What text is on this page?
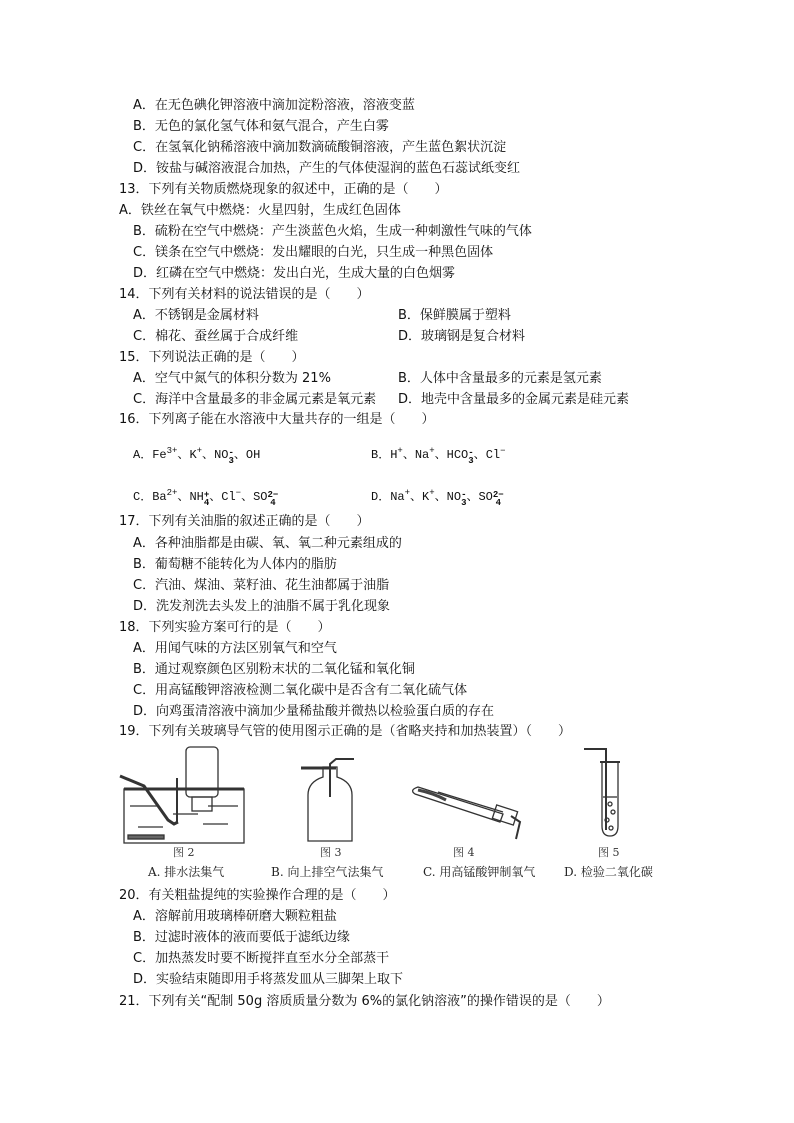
A．在无色碘化钾溶液中滴加淀粉溶液，溶液变蓝
B．无色的氯化氢气体和氨气混合，产生白雾
C．在氢氧化钠稀溶液中滴加数滴硫酸铜溶液，产生蓝色絮状沉淀
D．铵盐与碱溶液混合加热，产生的气体使湿润的蓝色石蕊试纸变红
13．下列有关物质燃烧现象的叙述中，正确的是（　　）
A．铁丝在氧气中燃烧：火星四射，生成红色固体
B．硫粉在空气中燃烧：产生淡蓝色火焰，生成一种刺激性气味的气体
C．镁条在空气中燃烧：发出耀眼的白光，只生成一种黑色固体
D．红磷在空气中燃烧：发出白光，生成大量的白色烟雾
14．下列有关材料的说法错误的是（　　）
A．不锈钢是金属材料	B．保鲜膜属于塑料
C．棉花、蚕丝属于合成纤维	D．玻璃钢是复合材料
15．下列说法正确的是（　　）
A．空气中氮气的体积分数为 21%	B．人体中含量最多的元素是氢元素
C．海洋中含量最多的非金属元素是氧元素 D．地壳中含量最多的金属元素是硅元素
16．下列离子能在水溶液中大量共存的一组是（　　）
A．$Fe^{3+}$、K+、NO-
3、OH	B．H+、Na+、HCO-
3、Cl−
C．$Ba^{2+}$、NH+
4、Cl−、SO2−
4	D．Na+、K+、NO-
3、SO2−
4
17．下列有关油脂的叙述正确的是（　　）
A．各种油脂都是由碳、氧、氧二种元素组成的
B．葡萄糖不能转化为人体内的脂肪
C．汽油、煤油、菜籽油、花生油都属于油脂
D．洗发剂洗去头发上的油脂不属于乳化现象
18．下列实验方案可行的是（　　）
A．用闻气味的方法区别氧气和空气
B．通过观察颜色区别粉末状的二氧化锰和氧化铜
C．用高锰酸钾溶液检测二氧化碳中是否含有二氧化硫气体
D．向鸡蛋清溶液中滴加少量稀盐酸并微热以检验蛋白质的存在
19．下列有关玻璃导气管的使用图示正确的是（省略夹持和加热装置）（　　）
图 2	图 3	图 4	图 5
A. 排水法集气	B. 向上排空气法集气	C. 用高锰酸钾制氧气 D. 检验二氧化碳
20．有关粗盐提纯的实验操作合理的是（　　）
A．溶解前用玻璃棒研磨大颗粒粗盐
B．过滤时液体的液而要低于滤纸边缘
C．加热蒸发时要不断搅拌直至水分全部蒸干
D．实验结束随即用手将蒸发皿从三脚架上取下
21．下列有关“配制 50g 溶质质量分数为 6%的氯化钠溶液”的操作错误的是（　　）
